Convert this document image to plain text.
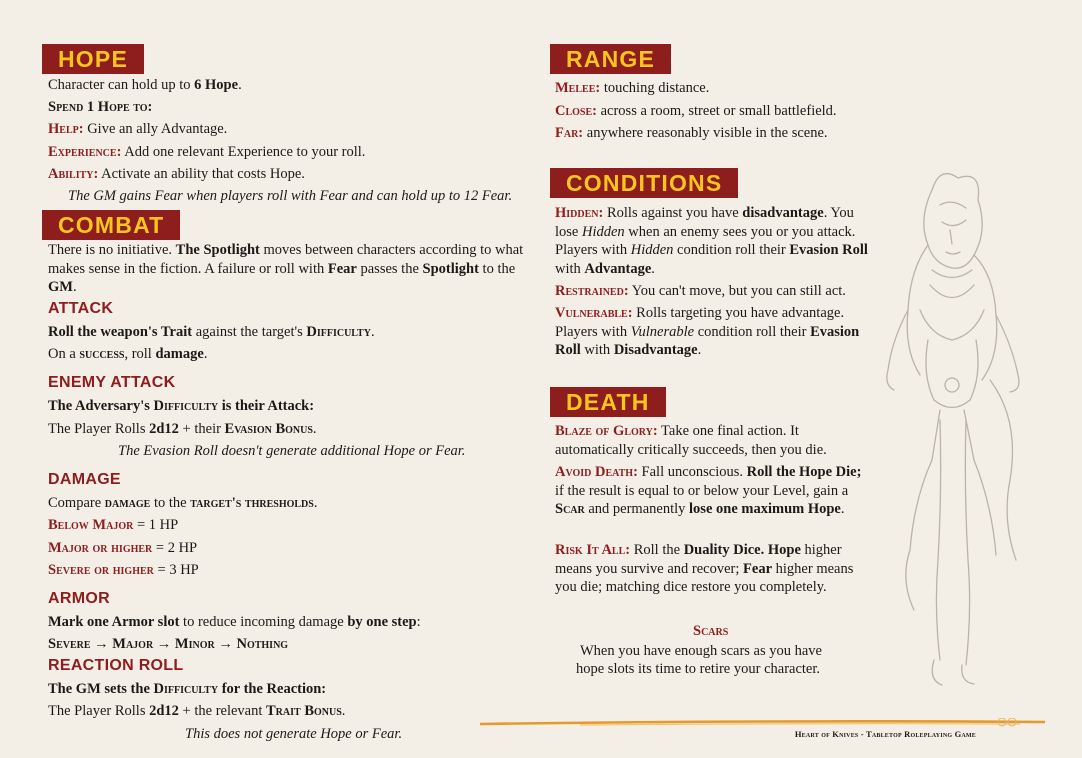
HOPE
Character can hold up to 6 Hope.
Spend 1 Hope to:
Help: Give an ally Advantage.
Experience: Add one relevant Experience to your roll.
Ability: Activate an ability that costs Hope.
The GM gains Fear when players roll with Fear and can hold up to 12 Fear.
COMBAT
There is no initiative. The Spotlight moves between characters according to what makes sense in the fiction. A failure or roll with Fear passes the Spotlight to the GM.
ATTACK
Roll the weapon's Trait against the target's Difficulty.
On a success, roll damage.
ENEMY ATTACK
The Adversary's Difficulty is their Attack:
The Player Rolls 2d12 + their Evasion Bonus.
The Evasion Roll doesn't generate additional Hope or Fear.
DAMAGE
Compare damage to the target's thresholds.
Below Major = 1 HP
Major or higher = 2 HP
Severe or higher = 3 HP
ARMOR
Mark one Armor slot to reduce incoming damage by one step:
Severe → Major → Minor → Nothing
REACTION ROLL
The GM sets the Difficulty for the Reaction:
The Player Rolls 2d12 + the relevant Trait Bonus.
This does not generate Hope or Fear.
RANGE
Melee: touching distance.
Close: across a room, street or small battlefield.
Far: anywhere reasonably visible in the scene.
CONDITIONS
Hidden: Rolls against you have disadvantage. You lose Hidden when an enemy sees you or you attack. Players with Hidden condition roll their Evasion Roll with Advantage.
Restrained: You can't move, but you can still act.
Vulnerable: Rolls targeting you have advantage. Players with Vulnerable condition roll their Evasion Roll with Disadvantage.
DEATH
Blaze of Glory: Take one final action. It automatically critically succeeds, then you die.
Avoid Death: Fall unconscious. Roll the Hope Die; if the result is equal to or below your Level, gain a Scar and permanently lose one maximum Hope.
Risk It All: Roll the Duality Dice. Hope higher means you survive and recover; Fear higher means you die; matching dice restore you completely.
Scars
When you have enough scars as you have
hope slots its time to retire your character.
Heart of Knives - Tabletop Roleplaying Game
